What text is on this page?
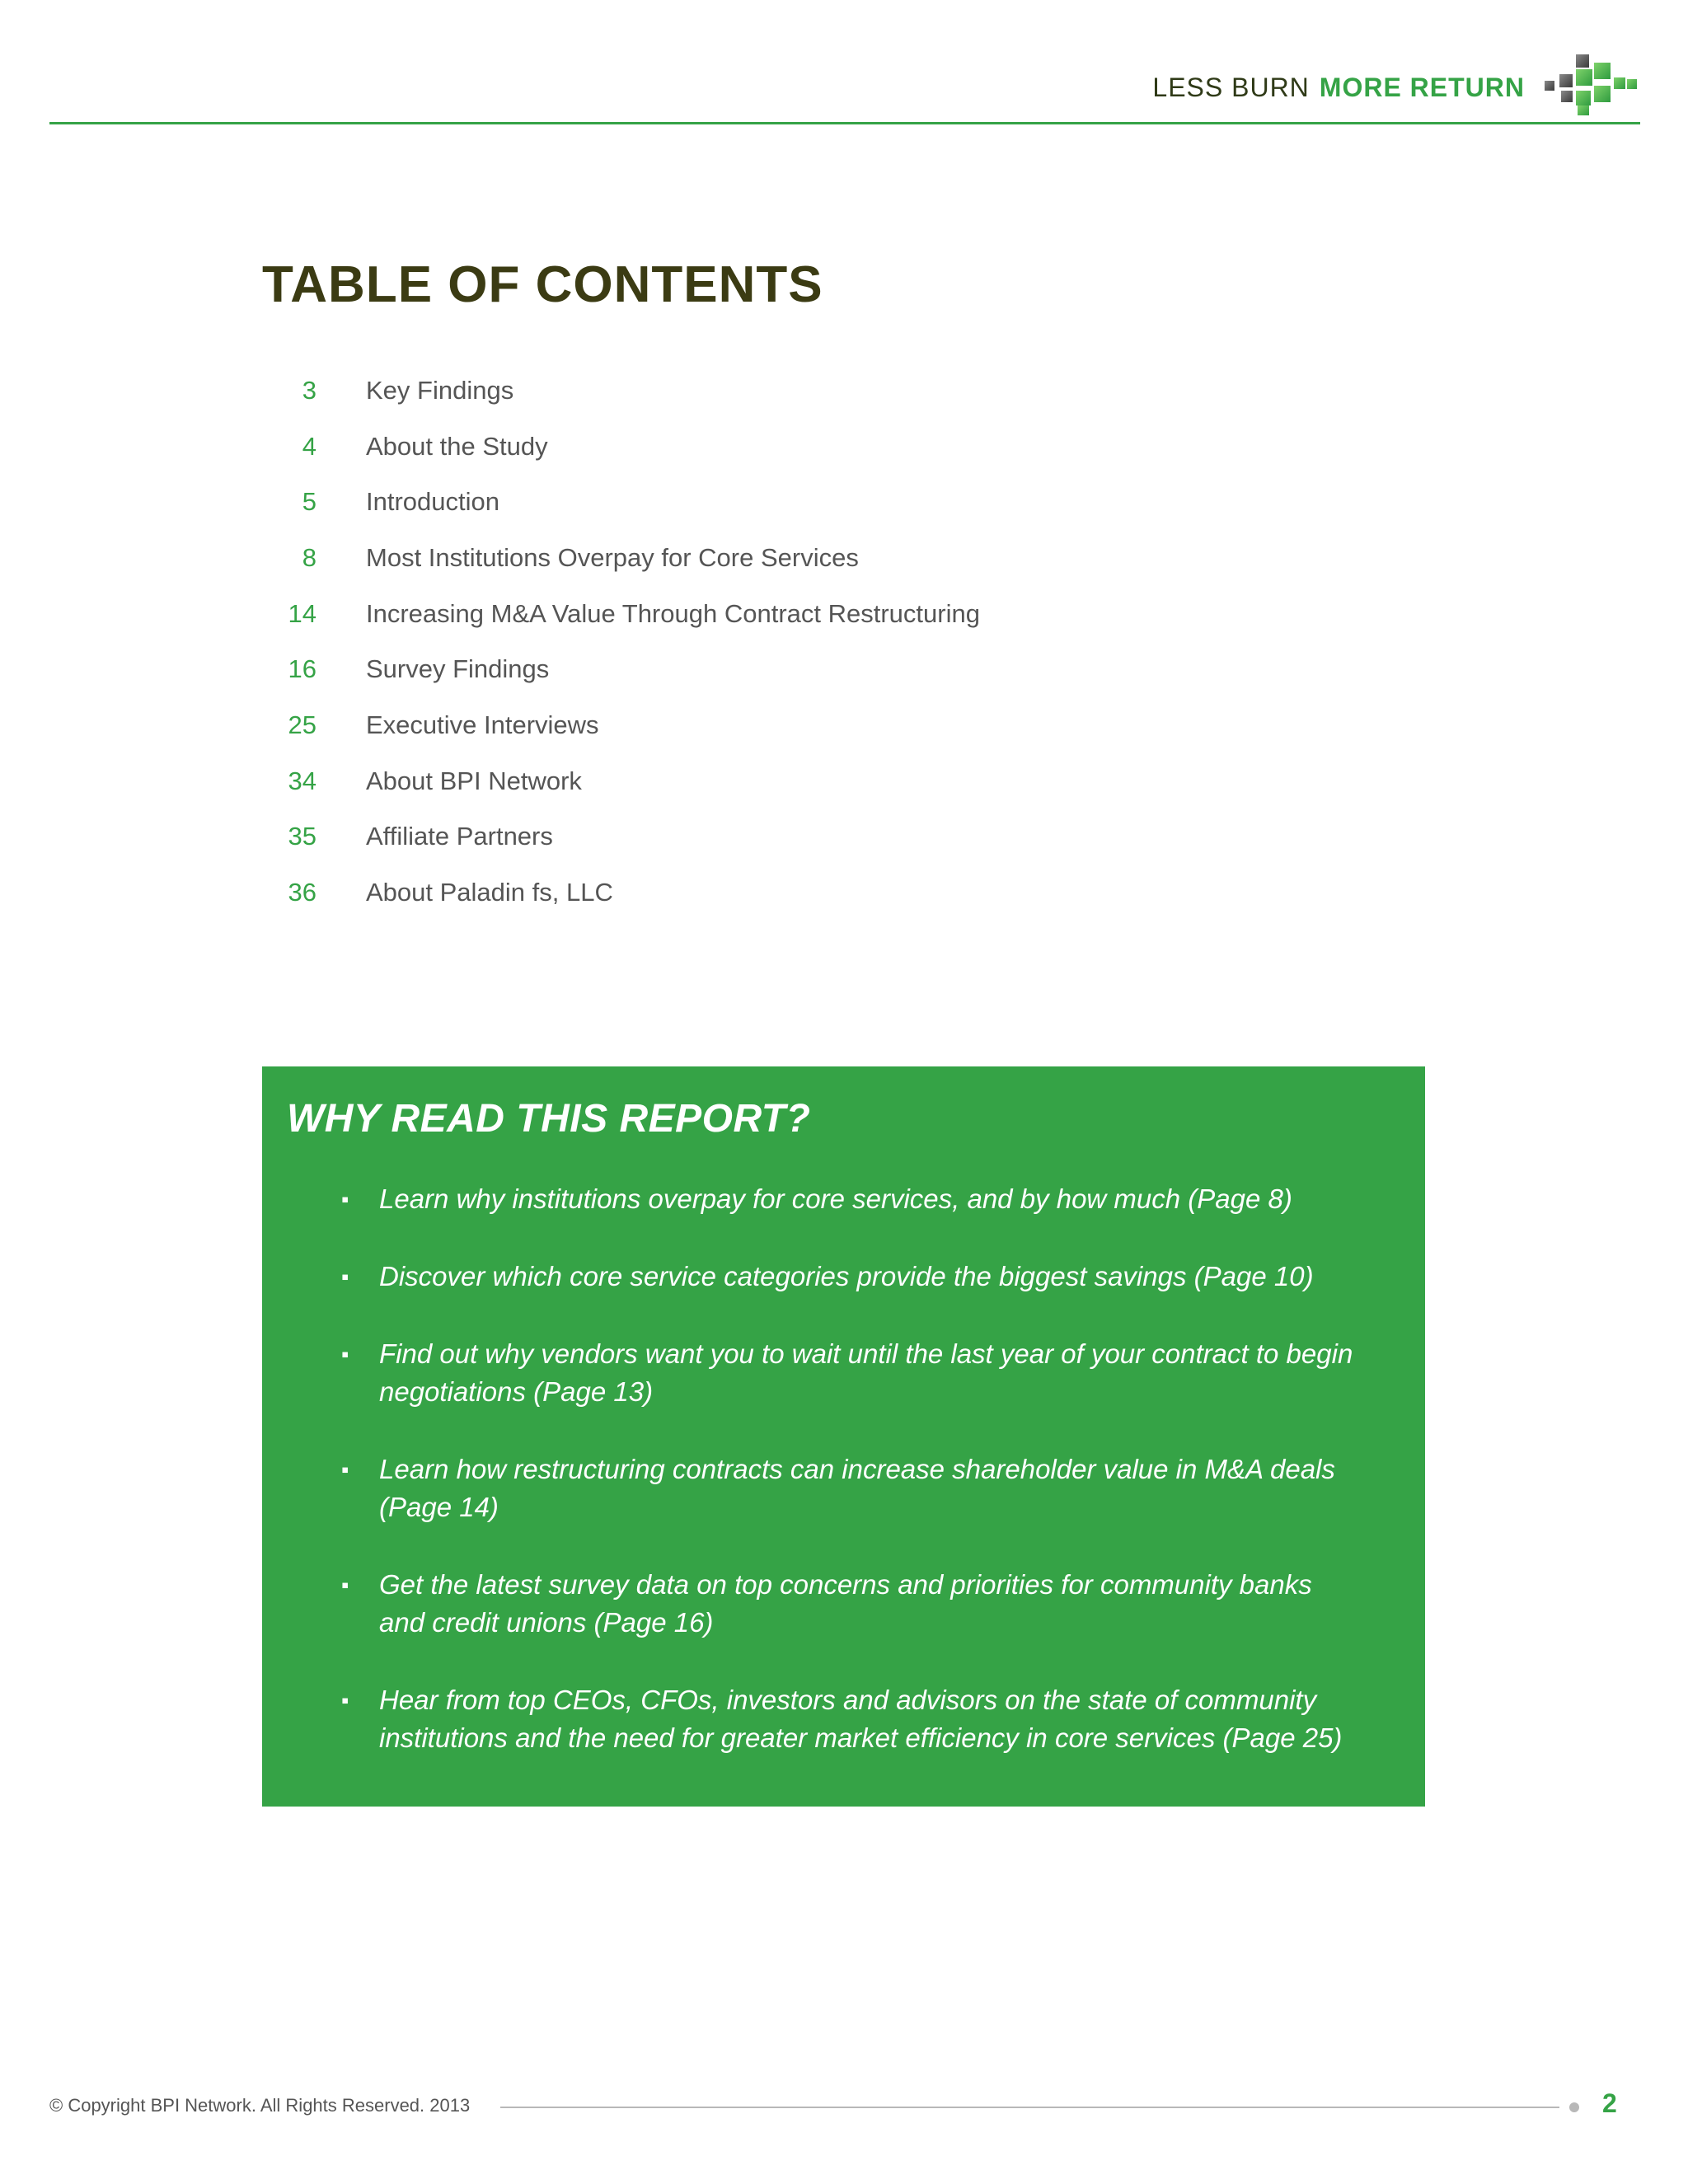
LESS BURN MORE RETURN
TABLE OF CONTENTS
3 Key Findings
4 About the Study
5 Introduction
8 Most Institutions Overpay for Core Services
14 Increasing M&A Value Through Contract Restructuring
16 Survey Findings
25 Executive Interviews
34 About BPI Network
35 Affiliate Partners
36 About Paladin fs, LLC
WHY READ THIS REPORT?
▪ Learn why institutions overpay for core services, and by how much (Page 8)
▪ Discover which core service categories provide the biggest savings (Page 10)
▪ Find out why vendors want you to wait until the last year of your contract to begin negotiations (Page 13)
▪ Learn how restructuring contracts can increase shareholder value in M&A deals (Page 14)
▪ Get the latest survey data on top concerns and priorities for community banks and credit unions (Page 16)
▪ Hear from top CEOs, CFOs, investors and advisors on the state of community institutions and the need for greater market efficiency in core services (Page 25)
© Copyright BPI Network. All Rights Reserved. 2013	2
